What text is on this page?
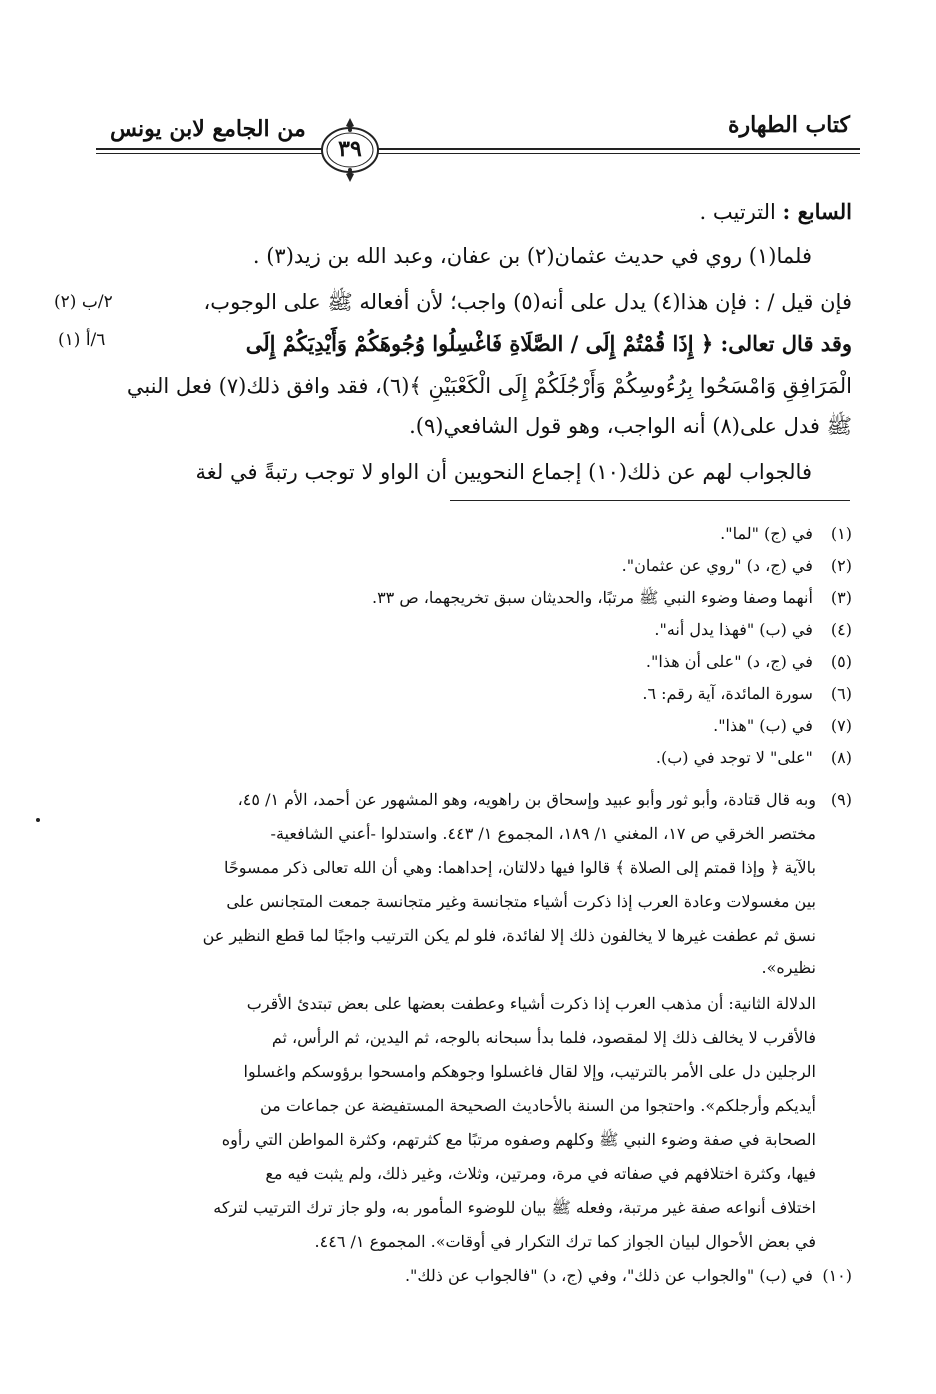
كتاب الطهارة
من الجامع لابن يونس
٣٩
السابع : الترتيب .
فلما(١) روي في حديث عثمان(٢) بن عفان، وعبد الله بن زيد(٣) .
فإن قيل / : فإن هذا(٤) يدل على أنه(٥) واجب؛ لأن أفعاله ﷺ على الوجوب،
وقد قال تعالى: ﴿ إِذَا قُمْتُمْ إِلَى / الصَّلَاةِ فَاغْسِلُوا وُجُوهَكُمْ وَأَيْدِيَكُمْ إِلَى
الْمَرَافِقِ وَامْسَحُوا بِرُءُوسِكُمْ وَأَرْجُلَكُمْ إِلَى الْكَعْبَيْنِ ﴾(٦)، فقد وافق ذلك(٧) فعل النبي
ﷺ فدل على(٨) أنه الواجب، وهو قول الشافعي(٩).
فالجواب لهم عن ذلك(١٠) إجماع النحويين أن الواو لا توجب رتبةً في لغة
٢/ب (٢)
٦/أ (١)
(١) في (ج) "لما".
(٢) في (ج، د) "روي عن عثمان".
(٣) أنهما وصفا وضوء النبي ﷺ مرتبًا، والحديثان سبق تخريجهما، ص ٣٣.
(٤) في (ب) "فهذا يدل أنه".
(٥) في (ج، د) "على أن هذا".
(٦) سورة المائدة، آية رقم: ٦.
(٧) في (ب) "هذا".
(٨) "على" لا توجد في (ب).
(٩)
وبه قال قتادة، وأبو ثور وأبو عبيد وإسحاق بن راهويه، وهو المشهور عن أحمد، الأم ١/ ٤٥،
مختصر الخرقي ص ١٧، المغني ١/ ١٨٩، المجموع ١/ ٤٤٣. واستدلوا -أعني الشافعية-
بالآية ﴿ وإذا قمتم إلى الصلاة ﴾ قالوا فيها دلالتان، إحداهما: وهي أن الله تعالى ذكر ممسوحًا
بين مغسولات وعادة العرب إذا ذكرت أشياء متجانسة وغير متجانسة جمعت المتجانس على
نسق ثم عطفت غيرها لا يخالفون ذلك إلا لفائدة، فلو لم يكن الترتيب واجبًا لما قطع النظير عن
نظيره».
الدلالة الثانية: أن مذهب العرب إذا ذكرت أشياء وعطفت بعضها على بعض تبتدئ الأقرب
فالأقرب لا يخالف ذلك إلا لمقصود، فلما بدأ سبحانه بالوجه، ثم اليدين، ثم الرأس، ثم
الرجلين دل على الأمر بالترتيب، وإلا لقال فاغسلوا وجوهكم وامسحوا برؤوسكم واغسلوا
أيديكم وأرجلكم». واحتجوا من السنة بالأحاديث الصحيحة المستفيضة عن جماعات من
الصحابة في صفة وضوء النبي ﷺ وكلهم وصفوه مرتبًا مع كثرتهم، وكثرة المواطن التي رأوه
فيها، وكثرة اختلافهم في صفاته في مرة، ومرتين، وثلاث، وغير ذلك، ولم يثبت فيه مع
اختلاف أنواعه صفة غير مرتبة، وفعله ﷺ بيان للوضوء المأمور به، ولو جاز ترك الترتيب لتركه
في بعض الأحوال لبيان الجواز كما ترك التكرار في أوقات». المجموع ١/ ٤٤٦.
(١٠) في (ب) "والجواب عن ذلك"، وفي (ج، د) "فالجواب عن ذلك".
